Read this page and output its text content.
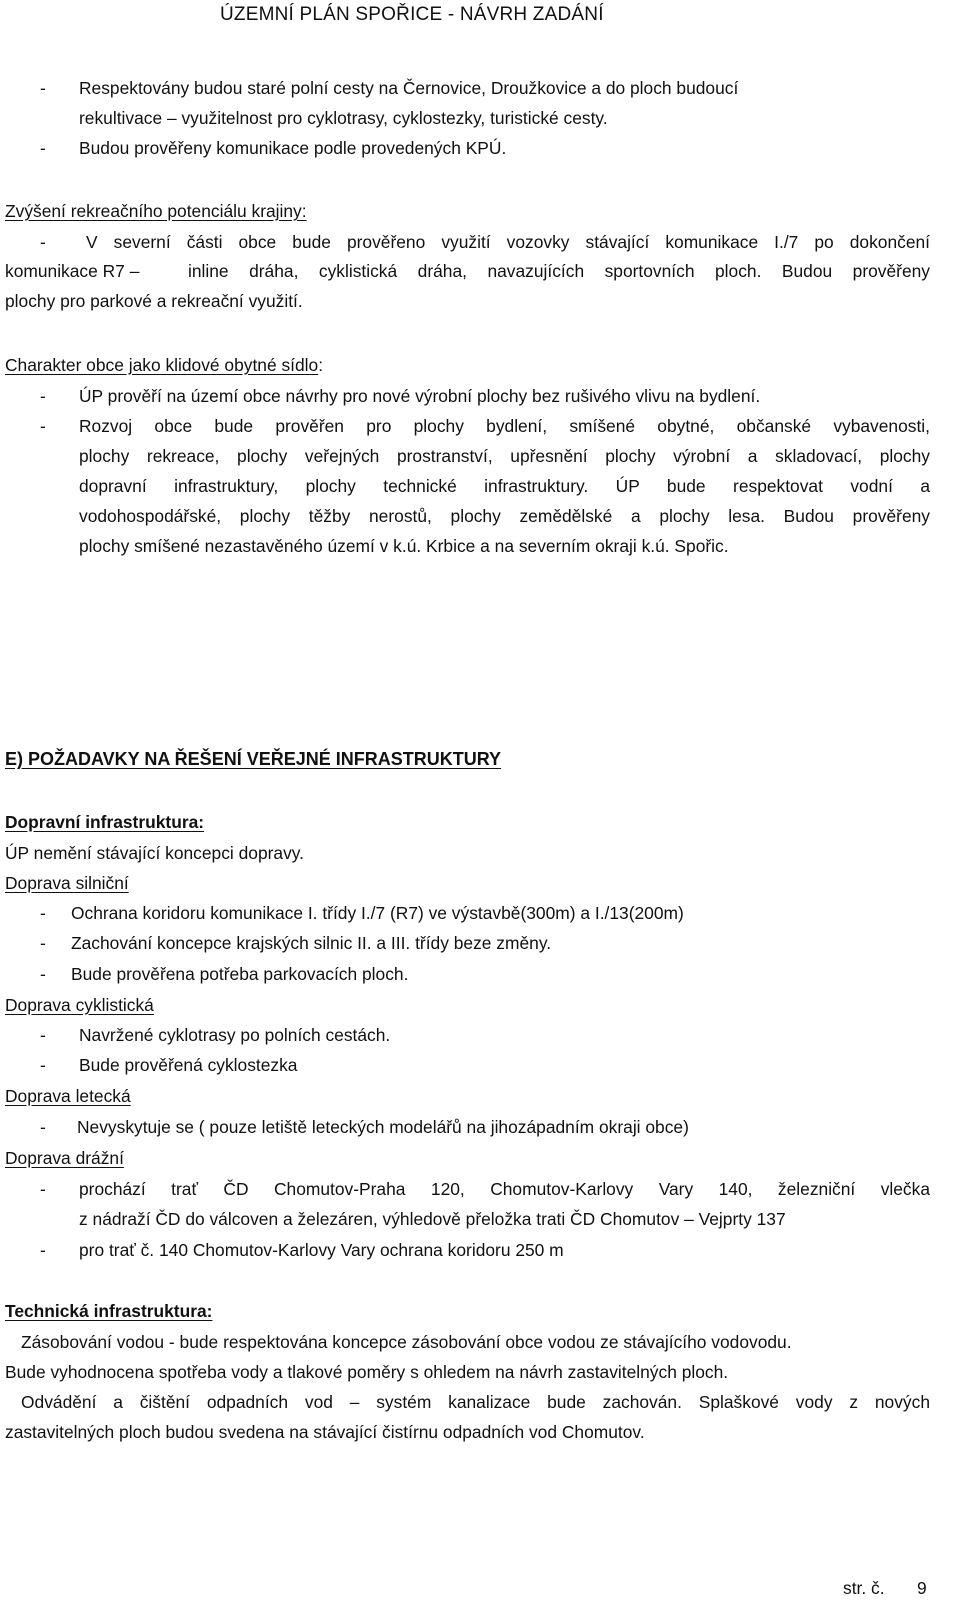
ÚZEMNÍ PLÁN SPOŘICE - NÁVRH ZADÁNÍ
- Respektovány budou staré polní cesty na Černovice, Droužkovice a do ploch budoucí
rekultivace – využitelnost pro cyklotrasy, cyklostezky, turistické cesty.
- Budou prověřeny komunikace podle provedených KPÚ.
Zvýšení rekreačního potenciálu krajiny:
- V severní části obce bude prověřeno využití vozovky stávající komunikace I./7 po dokončení
komunikace R7 –	inline dráha, cyklistická dráha, navazujících sportovních ploch. Budou prověřeny
plochy pro parkové a rekreační využití.
Charakter obce jako klidové obytné sídlo:
- ÚP prověří na území obce návrhy pro nové výrobní plochy bez rušivého vlivu na bydlení.
- Rozvoj obce bude prověřen pro plochy bydlení, smíšené obytné, občanské vybavenosti,
plochy rekreace, plochy veřejných prostranství, upřesnění plochy výrobní a skladovací, plochy
dopravní infrastruktury, plochy technické infrastruktury. ÚP bude respektovat vodní a
vodohospodářské, plochy těžby nerostů, plochy zemědělské a plochy lesa. Budou prověřeny
plochy smíšené nezastavěného území v k.ú. Krbice a na severním okraji k.ú. Spořic.
E) POŽADAVKY NA ŘEŠENÍ VEŘEJNÉ INFRASTRUKTURY
Dopravní infrastruktura:
ÚP nemění stávající koncepci dopravy.
Doprava silniční
- Ochrana koridoru komunikace I. třídy I./7 (R7) ve výstavbě(300m) a I./13(200m)
- Zachování koncepce krajských silnic II. a III. třídy beze změny.
- Bude prověřena potřeba parkovacích ploch.
Doprava cyklistická
- Navržené cyklotrasy po polních cestách.
- Bude prověřená cyklostezka
Doprava letecká
- Nevyskytuje se ( pouze letiště leteckých modelářů na jihozápadním okraji obce)
Doprava drážní
- prochází trať ČD Chomutov-Praha 120, Chomutov-Karlovy Vary 140, železniční vlečka
z nádraží ČD do válcoven a železáren, výhledově přeložka trati ČD Chomutov – Vejprty 137
- pro trať č. 140 Chomutov-Karlovy Vary ochrana koridoru 250 m
Technická infrastruktura:
Zásobování vodou - bude respektována koncepce zásobování obce vodou ze stávajícího vodovodu.
Bude vyhodnocena spotřeba vody a tlakové poměry s ohledem na návrh zastavitelných ploch.
Odvádění a čištění odpadních vod – systém kanalizace bude zachován. Splaškové vody z nových
zastavitelných ploch budou svedena na stávající čistírnu odpadních vod Chomutov.
str. č. 9
